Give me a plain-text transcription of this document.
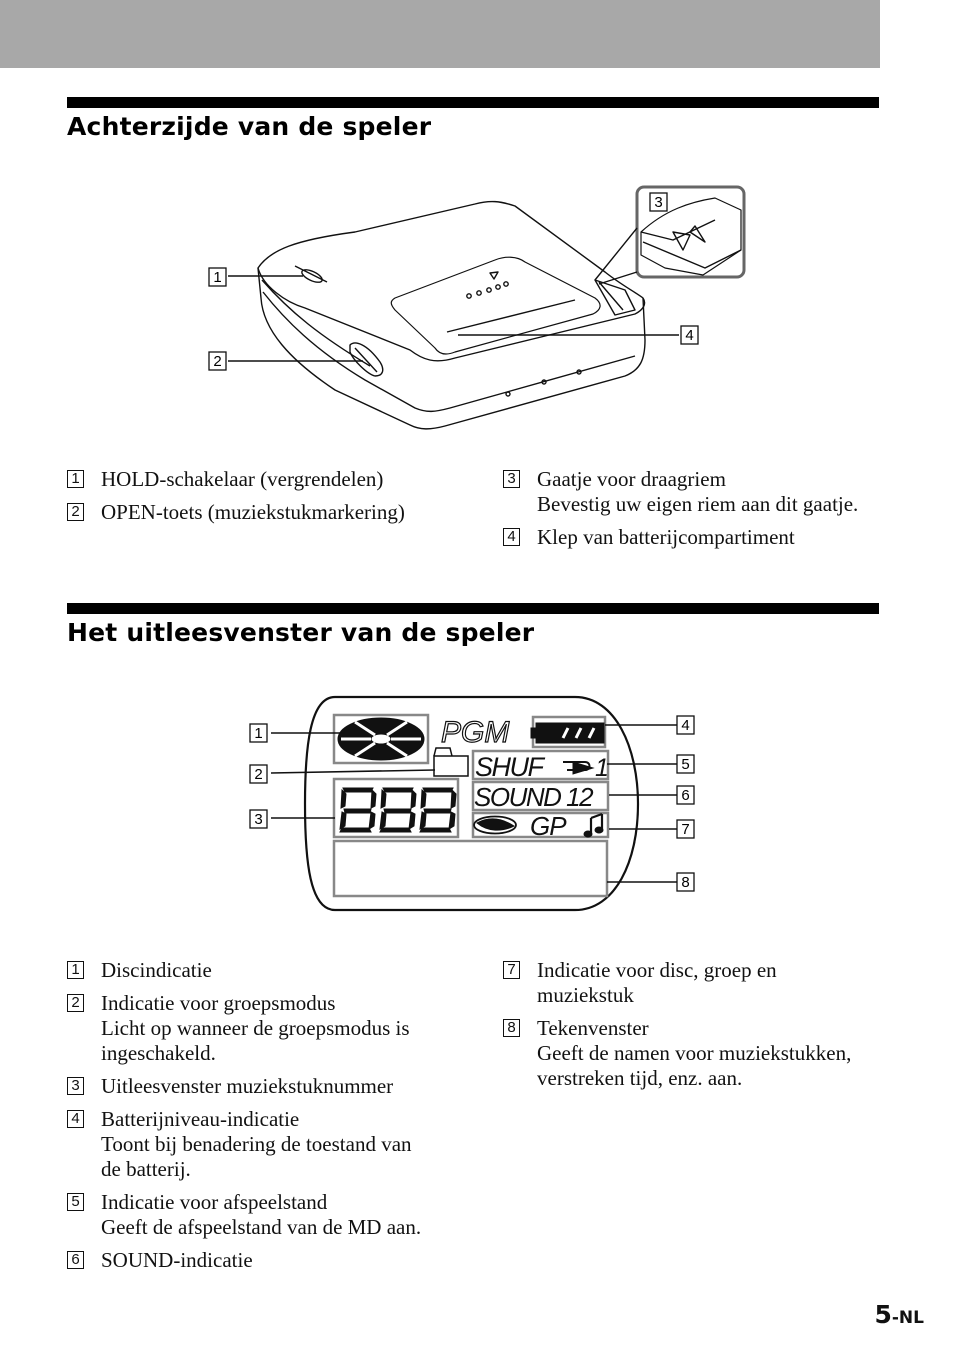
Achterzijde van de speler
1
2
3
4
1 HOLD-schakelaar (vergrendelen)
2 OPEN-toets (muziekstukmarkering)
3 Gaatje voor draagriem
Bevestig uw eigen riem aan dit gaatje.
4 Klep van batterijcompartiment
Het uitleesvenster van de speler
PGM
SHUF 1
SOUND 12
GP
1
2
3
4
5
6
7
8
1 Discindicatie
2 Indicatie voor groepsmodus
Licht op wanneer de groepsmodus is
ingeschakeld.
3 Uitleesvenster muziekstuknummer
4 Batterijniveau-indicatie
Toont bij benadering de toestand van
de batterij.
5 Indicatie voor afspeelstand
Geeft de afspeelstand van de MD aan.
6 SOUND-indicatie
7 Indicatie voor disc, groep en
muziekstuk
8 Tekenvenster
Geeft de namen voor muziekstukken,
verstreken tijd, enz. aan.
5-NL
